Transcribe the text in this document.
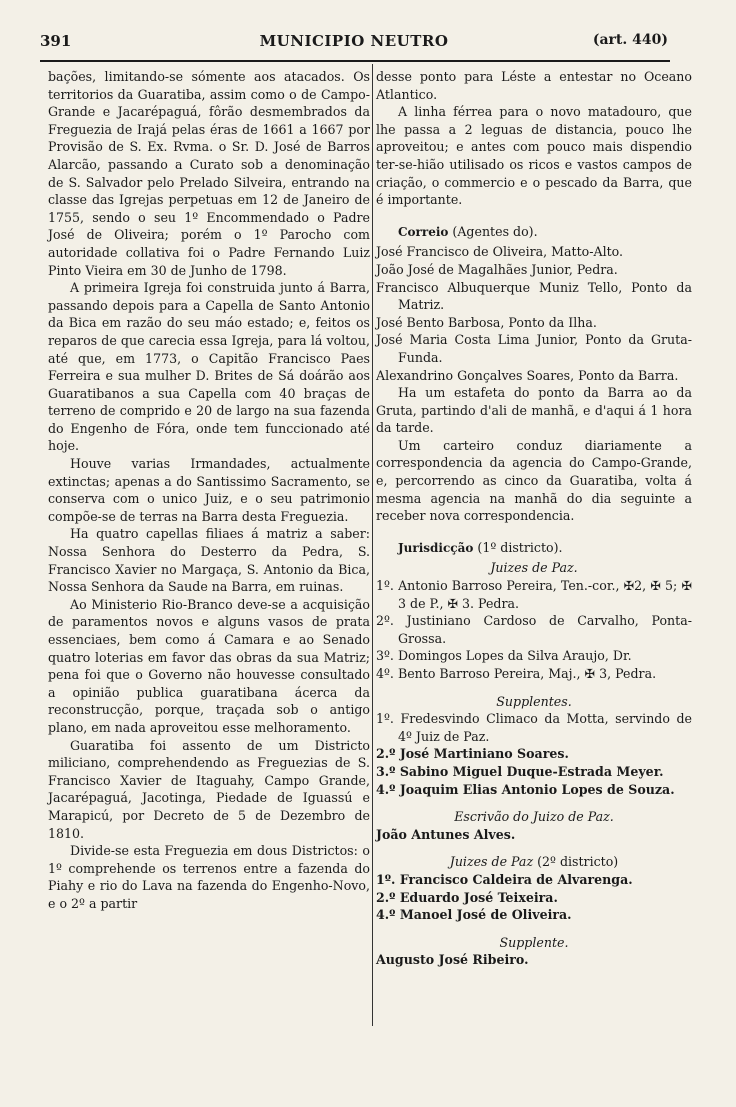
391	MUNICIPIO NEUTRO	(art. 440)

bações, limitando-se sómente aos atacados. Os territorios da Guaratiba, assim como o de Campo-Grande e Jacarépaguá, fôrão desmembrados da Freguezia de Irajá pelas éras de 1661 a 1667 por Provisão de S. Ex. Rvma. o Sr. D. José de Barros Alarcão, passando a Curato sob a denominação de S. Salvador pelo Prelado Silveira, entrando na classe das Igrejas perpetuas em 12 de Janeiro de 1755, sendo o seu 1º Encommendado o Padre José de Oliveira; porém o 1º Parocho com autoridade collativa foi o Padre Fernando Luiz Pinto Vieira em 30 de Junho de 1798.

A primeira Igreja foi construida junto á Barra, passando depois para a Capella de Santo Antonio da Bica em razão do seu máo estado; e, feitos os reparos de que carecia essa Igreja, para lá voltou, até que, em 1773, o Capitão Francisco Paes Ferreira e sua mulher D. Brites de Sá doárão aos Guaratibanos a sua Capella com 40 braças de terreno de comprido e 20 de largo na sua fazenda do Engenho de Fóra, onde tem funccionado até hoje.

Houve varias Irmandades, actualmente extinctas; apenas a do Santissimo Sacramento, se conserva com o unico Juiz, e o seu patrimonio compõe-se de terras na Barra desta Freguezia.

Ha quatro capellas filiaes á matriz a saber: Nossa Senhora do Desterro da Pedra, S. Francisco Xavier no Margaça, S. Antonio da Bica, Nossa Senhora da Saude na Barra, em ruinas.

Ao Ministerio Rio-Branco deve-se a acquisição de paramentos novos e alguns vasos de prata essenciaes, bem como á Camara e ao Senado quatro loterias em favor das obras da sua Matriz; pena foi que o Governo não houvesse consultado a opinião publica guaratibana ácerca da reconstrucção, porque, traçada sob o antigo plano, em nada aproveitou esse melhoramento.

Guaratiba foi assento de um Districto miliciano, comprehendendo as Freguezias de S. Francisco Xavier de Itaguahy, Campo Grande, Jacarépaguá, Jacotinga, Piedade de Iguassú e Marapicú, por Decreto de 5 de Dezembro de 1810.

Divide-se esta Freguezia em dous Districtos: o 1º comprehende os terrenos entre a fazenda do Piahy e rio do Lava na fazenda do Engenho-Novo, e o 2º a partir

desse ponto para Léste a entestar no Oceano Atlantico.

A linha férrea para o novo matadouro, que lhe passa a 2 leguas de distancia, pouco lhe aproveitou; e antes com pouco mais dispendio ter-se-hião utilisado os ricos e vastos campos de criação, o commercio e o pescado da Barra, que é importante.

Correio (Agentes do).

José Francisco de Oliveira, Matto-Alto.

João José de Magalhães Junior, Pedra.

Francisco Albuquerque Muniz Tello, Ponto da Matriz.

José Bento Barbosa, Ponto da Ilha.

José Maria Costa Lima Junior, Ponto da Gruta-Funda.

Alexandrino Gonçalves Soares, Ponto da Barra.

Ha um estafeta do ponto da Barra ao da Gruta, partindo d'ali de manhã, e d'aqui á 1 hora da tarde.

Um carteiro conduz diariamente a correspondencia da agencia do Campo-Grande, e, percorrendo as cinco da Guaratiba, volta á mesma agencia na manhã do dia seguinte a receber nova correspondencia.

Jurisdicção (1º districto).

Juizes de Paz.

1º. Antonio Barroso Pereira, Ten.-cor., ✠2, ✠ 5; ✠ 3 de P., ✠ 3. Pedra.

2º. Justiniano Cardoso de Carvalho, Ponta-Grossa.

3º. Domingos Lopes da Silva Araujo, Dr.

4º. Bento Barroso Pereira, Maj., ✠ 3, Pedra.

Supplentes.

1º. Fredesvindo Climaco da Motta, servindo de 4º Juiz de Paz.

2.º José Martiniano Soares.

3.º Sabino Miguel Duque-Estrada Meyer.

4.º Joaquim Elias Antonio Lopes de Souza.

Escrivão do Juizo de Paz.

João Antunes Alves.

Juizes de Paz (2º districto)

1º. Francisco Caldeira de Alvarenga.

2.º Eduardo José Teixeira.

4.º Manoel José de Oliveira.

Supplente.

Augusto José Ribeiro.
